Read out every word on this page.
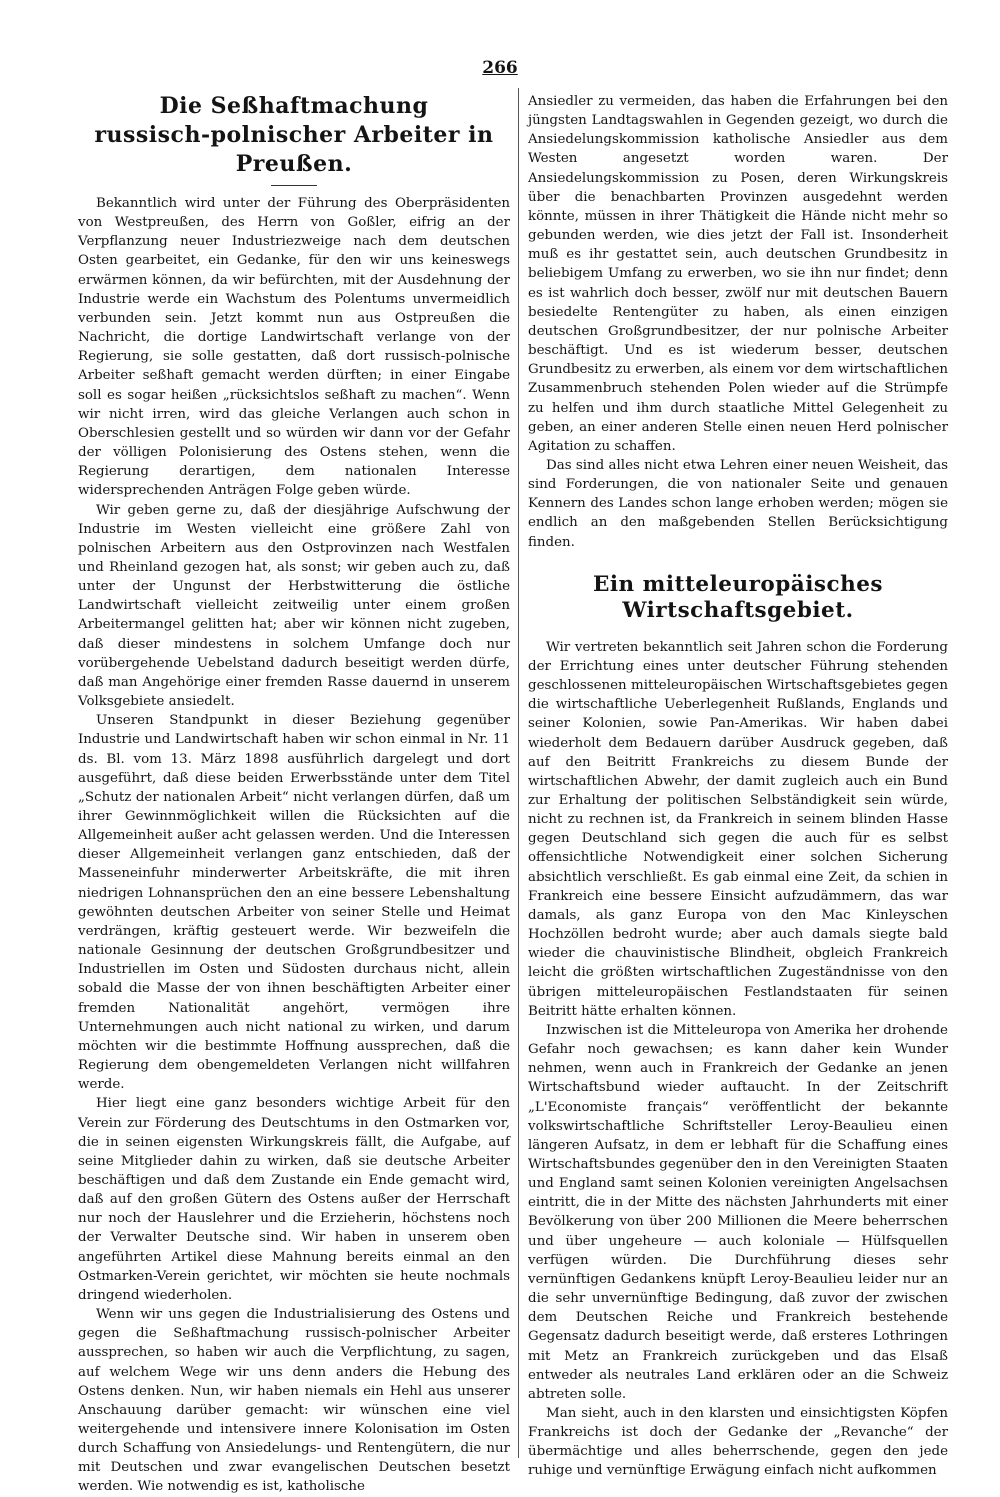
266
Die Seßhaftmachung
russisch-polnischer Arbeiter in Preußen.

Bekanntlich wird unter der Führung des Oberpräsidenten von Westpreußen, des Herrn von Goßler, eifrig an der Verpflanzung neuer Industriezweige nach dem deutschen Osten gearbeitet, ein Gedanke, für den wir uns keineswegs erwärmen können, da wir befürchten, mit der Ausdehnung der Industrie werde ein Wachstum des Polentums unvermeidlich verbunden sein. Jetzt kommt nun aus Ostpreußen die Nachricht, die dortige Landwirtschaft verlange von der Regierung, sie solle gestatten, daß dort russisch-polnische Arbeiter seßhaft gemacht werden dürften; in einer Eingabe soll es sogar heißen „rücksichtslos seßhaft zu machen“. Wenn wir nicht irren, wird das gleiche Verlangen auch schon in Oberschlesien gestellt und so würden wir dann vor der Gefahr der völligen Polonisierung des Ostens stehen, wenn die Regierung derartigen, dem nationalen Interesse widersprechenden Anträgen Folge geben würde.

Wir geben gerne zu, daß der diesjährige Aufschwung der Industrie im Westen vielleicht eine größere Zahl von polnischen Arbeitern aus den Ostprovinzen nach Westfalen und Rheinland gezogen hat, als sonst; wir geben auch zu, daß unter der Ungunst der Herbstwitterung die östliche Landwirtschaft vielleicht zeitweilig unter einem großen Arbeitermangel gelitten hat; aber wir können nicht zugeben, daß dieser mindestens in solchem Umfange doch nur vorübergehende Uebelstand dadurch beseitigt werden dürfe, daß man Angehörige einer fremden Rasse dauernd in unserem Volksgebiete ansiedelt.

Unseren Standpunkt in dieser Beziehung gegenüber Industrie und Landwirtschaft haben wir schon einmal in Nr. 11 ds. Bl. vom 13. März 1898 ausführlich dargelegt und dort ausgeführt, daß diese beiden Erwerbsstände unter dem Titel „Schutz der nationalen Arbeit“ nicht verlangen dürfen, daß um ihrer Gewinnmöglichkeit willen die Rücksichten auf die Allgemeinheit außer acht gelassen werden. Und die Interessen dieser Allgemeinheit verlangen ganz entschieden, daß der Masseneinfuhr minderwerter Arbeitskräfte, die mit ihren niedrigen Lohnansprüchen den an eine bessere Lebenshaltung gewöhnten deutschen Arbeiter von seiner Stelle und Heimat verdrängen, kräftig gesteuert werde. Wir bezweifeln die nationale Gesinnung der deutschen Großgrundbesitzer und Industriellen im Osten und Südosten durchaus nicht, allein sobald die Masse der von ihnen beschäftigten Arbeiter einer fremden Nationalität angehört, vermögen ihre Unternehmungen auch nicht national zu wirken, und darum möchten wir die bestimmte Hoffnung aussprechen, daß die Regierung dem obengemeldeten Verlangen nicht willfahren werde.

Hier liegt eine ganz besonders wichtige Arbeit für den Verein zur Förderung des Deutschtums in den Ostmarken vor, die in seinen eigensten Wirkungskreis fällt, die Aufgabe, auf seine Mitglieder dahin zu wirken, daß sie deutsche Arbeiter beschäftigen und daß dem Zustande ein Ende gemacht wird, daß auf den großen Gütern des Ostens außer der Herrschaft nur noch der Hauslehrer und die Erzieherin, höchstens noch der Verwalter Deutsche sind. Wir haben in unserem oben angeführten Artikel diese Mahnung bereits einmal an den Ostmarken-Verein gerichtet, wir möchten sie heute nochmals dringend wiederholen.

Wenn wir uns gegen die Industrialisierung des Ostens und gegen die Seßhaftmachung russisch-polnischer Arbeiter aussprechen, so haben wir auch die Verpflichtung, zu sagen, auf welchem Wege wir uns denn anders die Hebung des Ostens denken. Nun, wir haben niemals ein Hehl aus unserer Anschauung darüber gemacht: wir wünschen eine viel weitergehende und intensivere innere Kolonisation im Osten durch Schaffung von Ansiedelungs- und Rentengütern, die nur mit Deutschen und zwar evangelischen Deutschen besetzt werden. Wie notwendig es ist, katholische

Ansiedler zu vermeiden, das haben die Erfahrungen bei den jüngsten Landtagswahlen in Gegenden gezeigt, wo durch die Ansiedelungskommission katholische Ansiedler aus dem Westen angesetzt worden waren. Der Ansiedelungskommission zu Posen, deren Wirkungskreis über die benachbarten Provinzen ausgedehnt werden könnte, müssen in ihrer Thätigkeit die Hände nicht mehr so gebunden werden, wie dies jetzt der Fall ist. Insonderheit muß es ihr gestattet sein, auch deutschen Grundbesitz in beliebigem Umfang zu erwerben, wo sie ihn nur findet; denn es ist wahrlich doch besser, zwölf nur mit deutschen Bauern besiedelte Rentengüter zu haben, als einen einzigen deutschen Großgrundbesitzer, der nur polnische Arbeiter beschäftigt. Und es ist wiederum besser, deutschen Grundbesitz zu erwerben, als einem vor dem wirtschaftlichen Zusammenbruch stehenden Polen wieder auf die Strümpfe zu helfen und ihm durch staatliche Mittel Gelegenheit zu geben, an einer anderen Stelle einen neuen Herd polnischer Agitation zu schaffen.

Das sind alles nicht etwa Lehren einer neuen Weisheit, das sind Forderungen, die von nationaler Seite und genauen Kennern des Landes schon lange erhoben werden; mögen sie endlich an den maßgebenden Stellen Berücksichtigung finden.

Ein mitteleuropäisches Wirtschaftsgebiet.

Wir vertreten bekanntlich seit Jahren schon die Forderung der Errichtung eines unter deutscher Führung stehenden geschlossenen mitteleuropäischen Wirtschaftsgebietes gegen die wirtschaftliche Ueberlegenheit Rußlands, Englands und seiner Kolonien, sowie Pan-Amerikas. Wir haben dabei wiederholt dem Bedauern darüber Ausdruck gegeben, daß auf den Beitritt Frankreichs zu diesem Bunde der wirtschaftlichen Abwehr, der damit zugleich auch ein Bund zur Erhaltung der politischen Selbständigkeit sein würde, nicht zu rechnen ist, da Frankreich in seinem blinden Hasse gegen Deutschland sich gegen die auch für es selbst offensichtliche Notwendigkeit einer solchen Sicherung absichtlich verschließt. Es gab einmal eine Zeit, da schien in Frankreich eine bessere Einsicht aufzudämmern, das war damals, als ganz Europa von den Mac Kinleyschen Hochzöllen bedroht wurde; aber auch damals siegte bald wieder die chauvinistische Blindheit, obgleich Frankreich leicht die größten wirtschaftlichen Zugeständnisse von den übrigen mitteleuropäischen Festlandstaaten für seinen Beitritt hätte erhalten können.

Inzwischen ist die Mitteleuropa von Amerika her drohende Gefahr noch gewachsen; es kann daher kein Wunder nehmen, wenn auch in Frankreich der Gedanke an jenen Wirtschaftsbund wieder auftaucht. In der Zeitschrift „L'Economiste français“ veröffentlicht der bekannte volkswirtschaftliche Schriftsteller Leroy-Beaulieu einen längeren Aufsatz, in dem er lebhaft für die Schaffung eines Wirtschaftsbundes gegenüber den in den Vereinigten Staaten und England samt seinen Kolonien vereinigten Angelsachsen eintritt, die in der Mitte des nächsten Jahrhunderts mit einer Bevölkerung von über 200 Millionen die Meere beherrschen und über ungeheure — auch koloniale — Hülfsquellen verfügen würden. Die Durchführung dieses sehr vernünftigen Gedankens knüpft Leroy-Beaulieu leider nur an die sehr unvernünftige Bedingung, daß zuvor der zwischen dem Deutschen Reiche und Frankreich bestehende Gegensatz dadurch beseitigt werde, daß ersteres Lothringen mit Metz an Frankreich zurückgeben und das Elsaß entweder als neutrales Land erklären oder an die Schweiz abtreten solle.

Man sieht, auch in den klarsten und einsichtigsten Köpfen Frankreichs ist doch der Gedanke der „Revanche“ der übermächtige und alles beherrschende, gegen den jede ruhige und vernünftige Erwägung einfach nicht aufkommen
